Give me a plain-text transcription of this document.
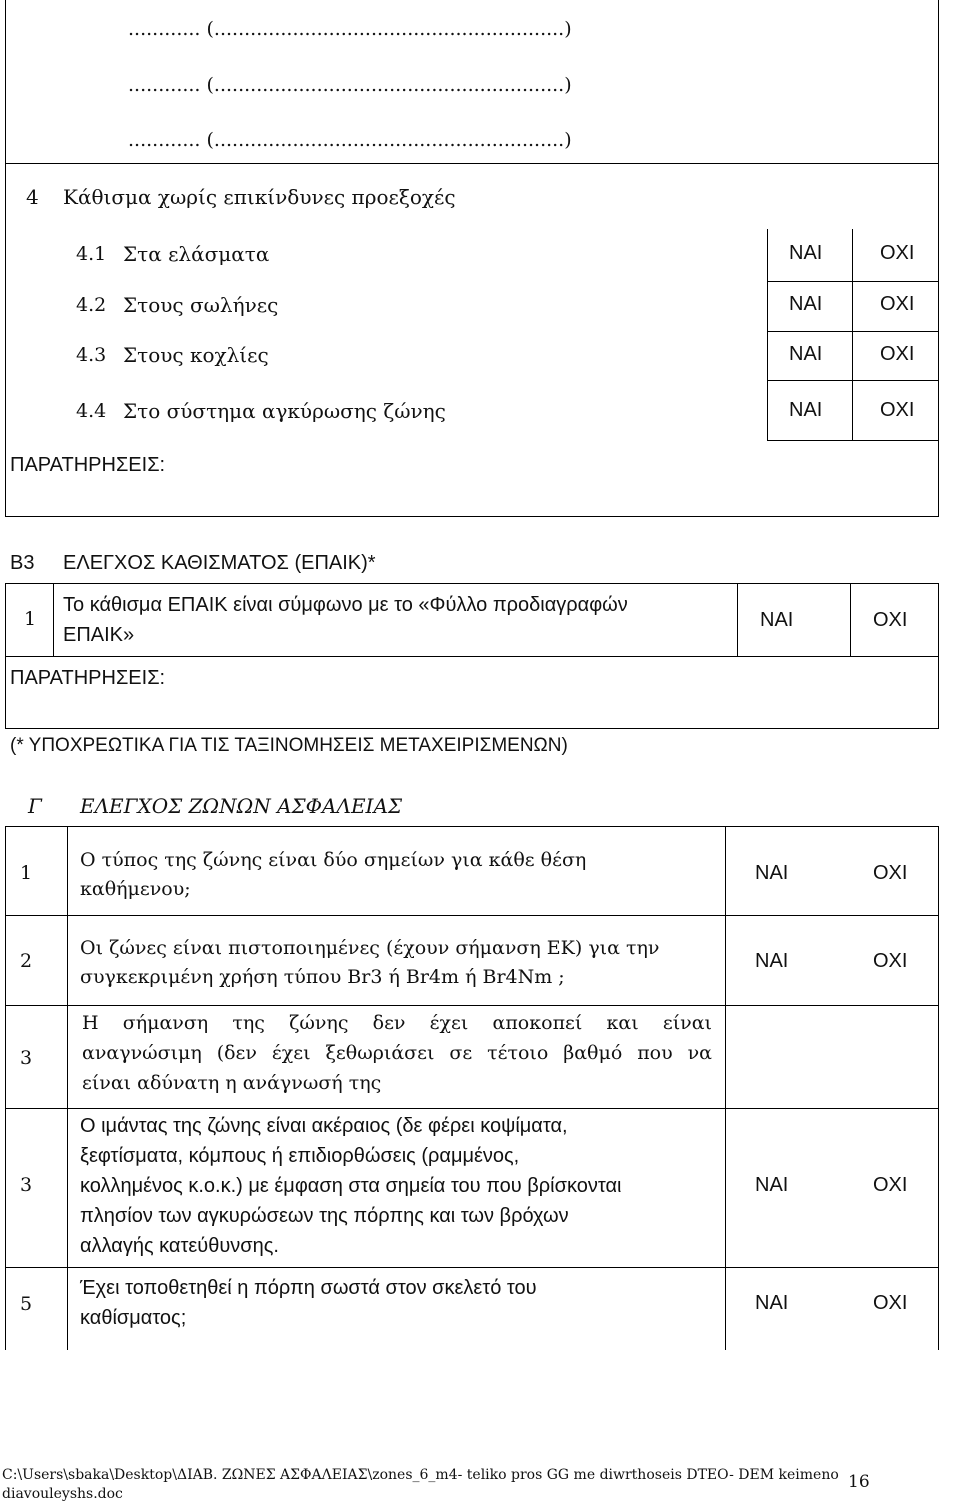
............ (..........................................................)
............ (..........................................................)
............ (..........................................................)
4 Κάθισμα χωρίς επικίνδυνες προεξοχές
4.1 Στα ελάσματα	ΝΑΙ	ΟΧΙ
4.2 Στους σωλήνες	ΝΑΙ	ΟΧΙ
4.3 Στους κοχλίες	ΝΑΙ	ΟΧΙ
4.4 Στο σύστημα αγκύρωσης ζώνης	ΝΑΙ	ΟΧΙ
ΠΑΡΑΤΗΡΗΣΕΙΣ:
Β3 ΕΛΕΓΧΟΣ ΚΑΘΙΣΜΑΤΟΣ (ΕΠΑΙΚ)*
1
Το κάθισμα ΕΠΑΙΚ είναι σύμφωνο με το «Φύλλο προδιαγραφών
ΕΠΑΙΚ»
ΝΑΙ	ΟΧΙ
ΠΑΡΑΤΗΡΗΣΕΙΣ:
(* ΥΠΟΧΡΕΩΤΙΚΑ ΓΙΑ ΤΙΣ ΤΑΞΙΝΟΜΗΣΕΙΣ ΜΕΤΑΧΕΙΡΙΣΜΕΝΩΝ)
Γ ΕΛΕΓΧΟΣ ΖΩΝΩΝ ΑΣΦΑΛΕΙΑΣ
1
Ο τύπος της ζώνης είναι δύο σημείων για κάθε θέση
καθήμενου;
ΝΑΙ	ΟΧΙ
2
Οι ζώνες είναι πιστοποιημένες (έχουν σήμανση ΕΚ) για την
συγκεκριμένη χρήση τύπου Br3 ή Br4m ή Br4Nm ;
ΝΑΙ	ΟΧΙ
3
Η σήμανση της ζώνης δεν έχει αποκοπεί και είναι
αναγνώσιμη (δεν έχει ξεθωριάσει σε τέτοιο βαθμό που να
είναι αδύνατη η ανάγνωσή της
3
Ο ιμάντας της ζώνης είναι ακέραιος (δε φέρει κοψίματα,
ξεφτίσματα, κόμπους ή επιδιορθώσεις (ραμμένος,
κολλημένος κ.ο.κ.) με έμφαση στα σημεία του που βρίσκονται
πλησίον των αγκυρώσεων της πόρπης και των βρόχων
αλλαγής κατεύθυνσης.
ΝΑΙ	ΟΧΙ
5
Έχει τοποθετηθεί η πόρπη σωστά στον σκελετό του
καθίσματος;
ΝΑΙ	ΟΧΙ
C:\Users\sbaka\Desktop\ΔΙΑΒ. ΖΩΝΕΣ ΑΣΦΑΛΕΙΑΣ\zones_6_m4- teliko pros GG me diwrthoseis DTEO- DEM keimeno
diavouleyshs.doc
16
